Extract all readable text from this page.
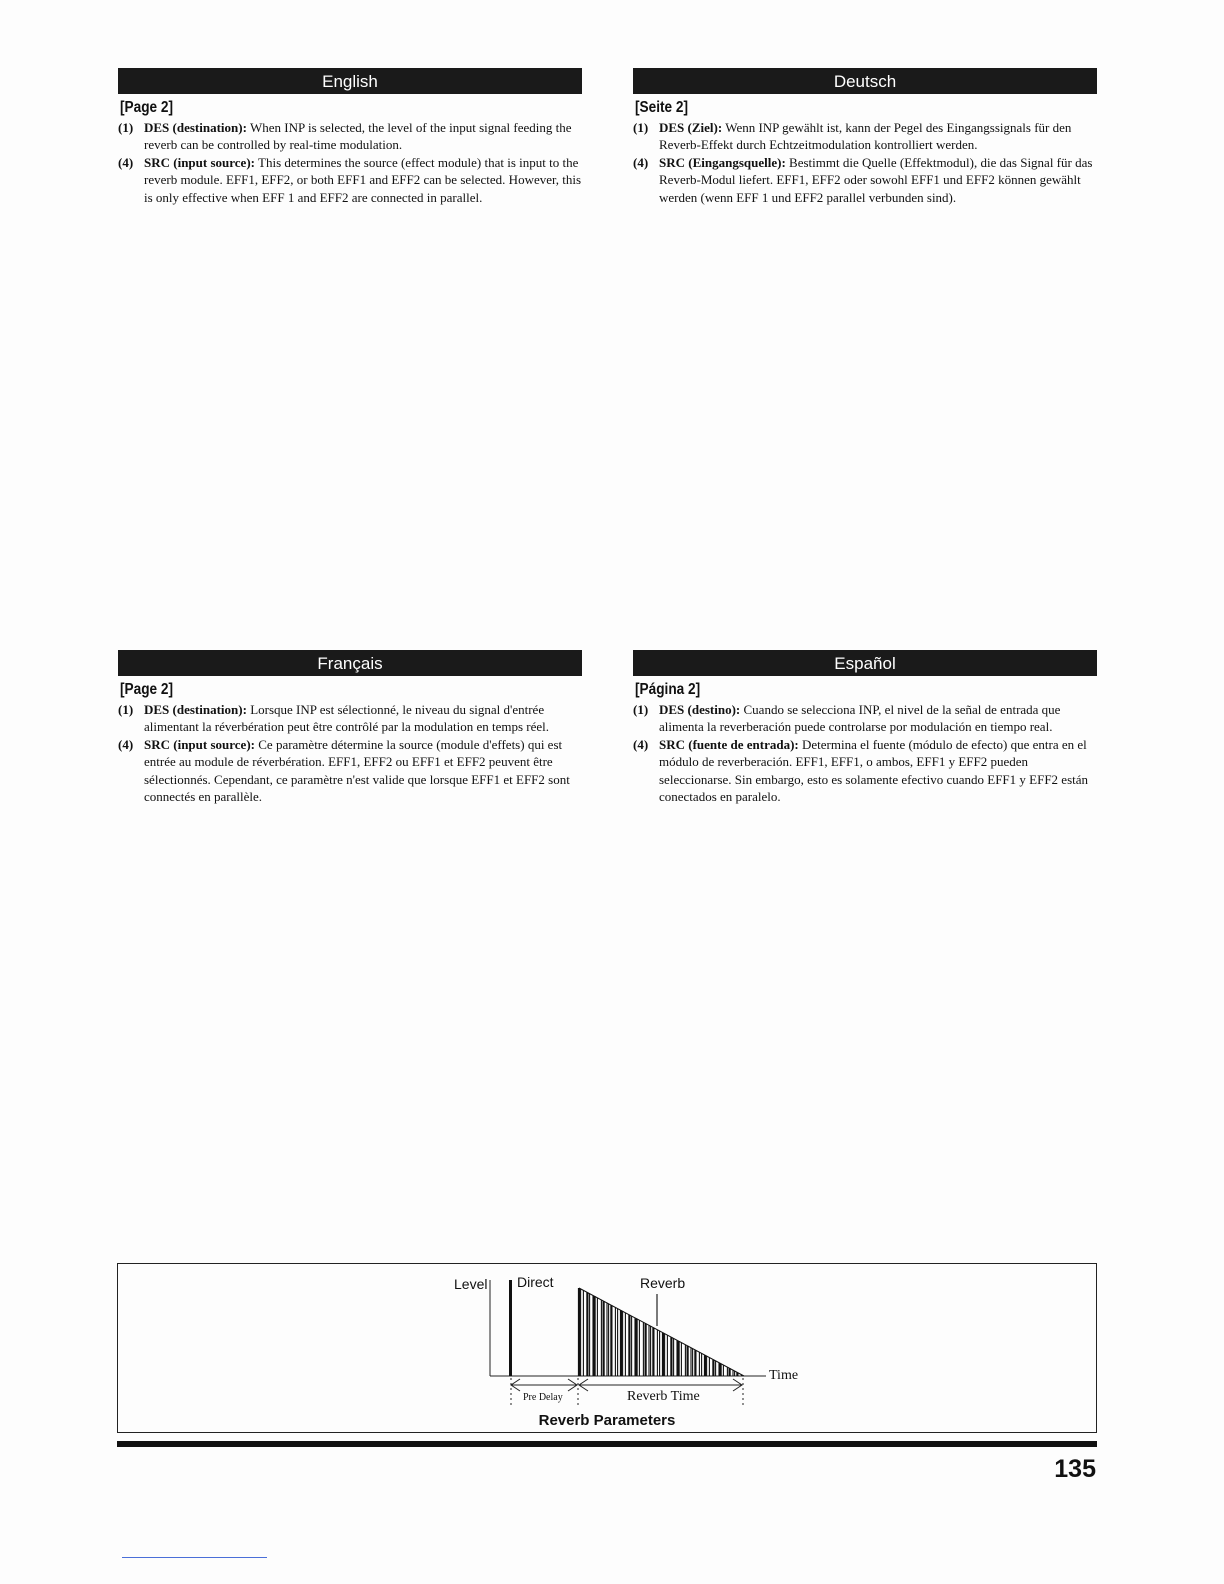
English
[Page 2]
(1) DES (destination): When INP is selected, the level of the input signal feeding the reverb can be controlled by real-time modulation.
(4) SRC (input source): This determines the source (effect module) that is input to the reverb module. EFF1, EFF2, or both EFF1 and EFF2 can be selected. However, this is only effective when EFF 1 and EFF2 are connected in parallel.
Deutsch
[Seite 2]
(1) DES (Ziel): Wenn INP gewählt ist, kann der Pegel des Eingangssignals für den Reverb-Effekt durch Echtzeitmodulation kontrolliert werden.
(4) SRC (Eingangsquelle): Bestimmt die Quelle (Effektmodul), die das Signal für das Reverb-Modul liefert. EFF1, EFF2 oder sowohl EFF1 und EFF2 können gewählt werden (wenn EFF 1 und EFF2 parallel verbunden sind).
Français
[Page 2]
(1) DES (destination): Lorsque INP est sélectionné, le niveau du signal d'entrée alimentant la réverbération peut être contrôlé par la modulation en temps réel.
(4) SRC (input source): Ce paramètre détermine la source (module d'effets) qui est entrée au module de réverbération. EFF1, EFF2 ou EFF1 et EFF2 peuvent être sélectionnés. Cependant, ce paramètre n'est valide que lorsque EFF1 et EFF2 sont connectés en parallèle.
Español
[Página 2]
(1) DES (destino): Cuando se selecciona INP, el nivel de la señal de entrada que alimenta la reverberación puede controlarse por modulación en tiempo real.
(4) SRC (fuente de entrada): Determina el fuente (módulo de efecto) que entra en el módulo de reverberación. EFF1, EFF1, o ambos, EFF1 y EFF2 pueden seleccionarse. Sin embargo, esto es solamente efectivo cuando EFF1 y EFF2 están conectados en paralelo.
Level Direct	Reverb
Time
Pre Delay	Reverb Time
Reverb Parameters
135
